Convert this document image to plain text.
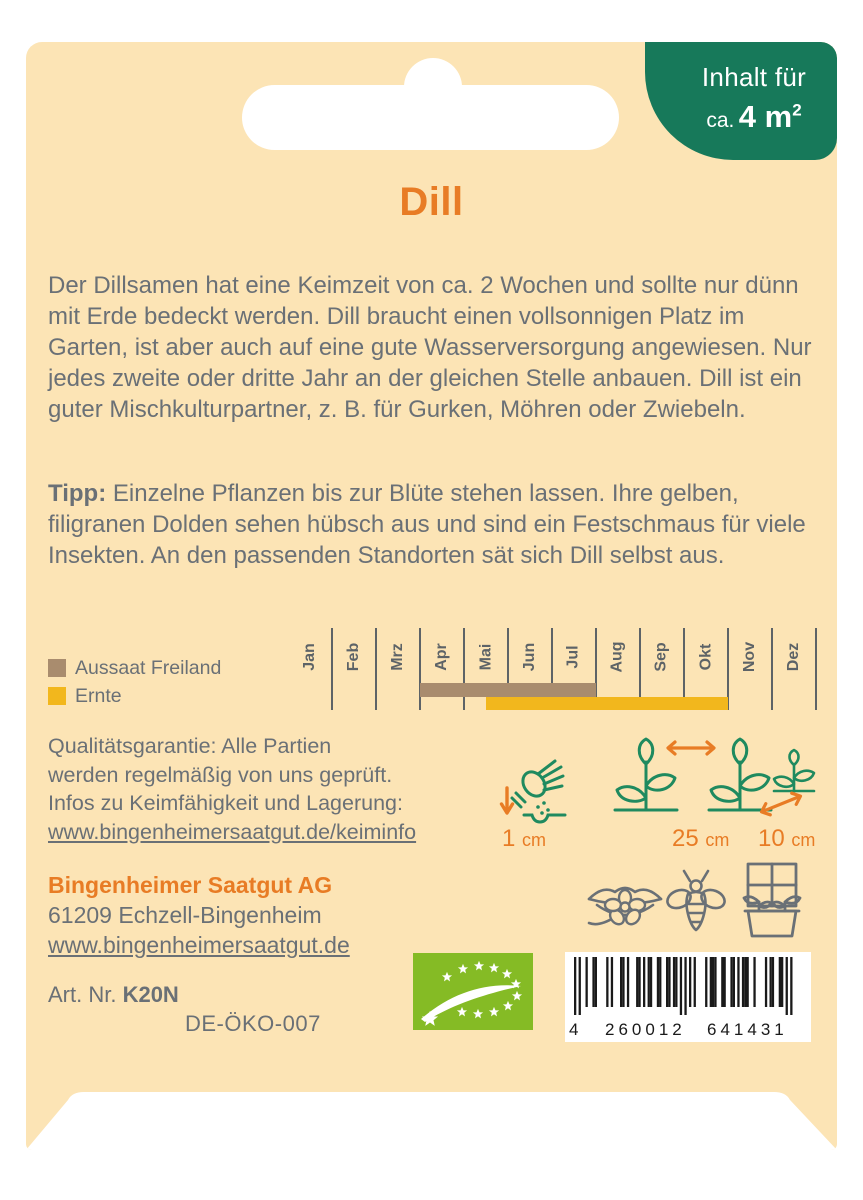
Inhalt für
ca. 4 $m^2$
Dill
Der Dillsamen hat eine Keimzeit von ca. 2 Wochen und sollte nur dünn mit Erde bedeckt werden. Dill braucht einen vollsonnigen Platz im Garten, ist aber auch auf eine gute Wasserversorgung angewiesen. Nur jedes zweite oder dritte Jahr an der gleichen Stelle anbauen. Dill ist ein guter Mischkulturpartner, z. B. für Gurken, Möhren oder Zwiebeln.
Tipp: Einzelne Pflanzen bis zur Blüte stehen lassen. Ihre gelben, filigranen Dolden sehen hübsch aus und sind ein Festschmaus für viele Insekten. An den passenden Standorten sät sich Dill selbst aus.
Aussaat Freiland
Ernte
Jan Feb Mrz Apr Mai Jun Jul Aug Sep Okt Nov Dez
Qualitätsgarantie: Alle Partien
werden regelmäßig von uns geprüft.
Infos zu Keimfähigkeit und Lagerung:
www.bingenheimersaatgut.de/keiminfo	1 cm	25 cm 10 cm
Bingenheimer Saatgut AG
61209 Echzell-Bingenheim
www.bingenheimersaatgut.de
4 260012 641431
Art. Nr. K20N
DE-ÖKO-007
